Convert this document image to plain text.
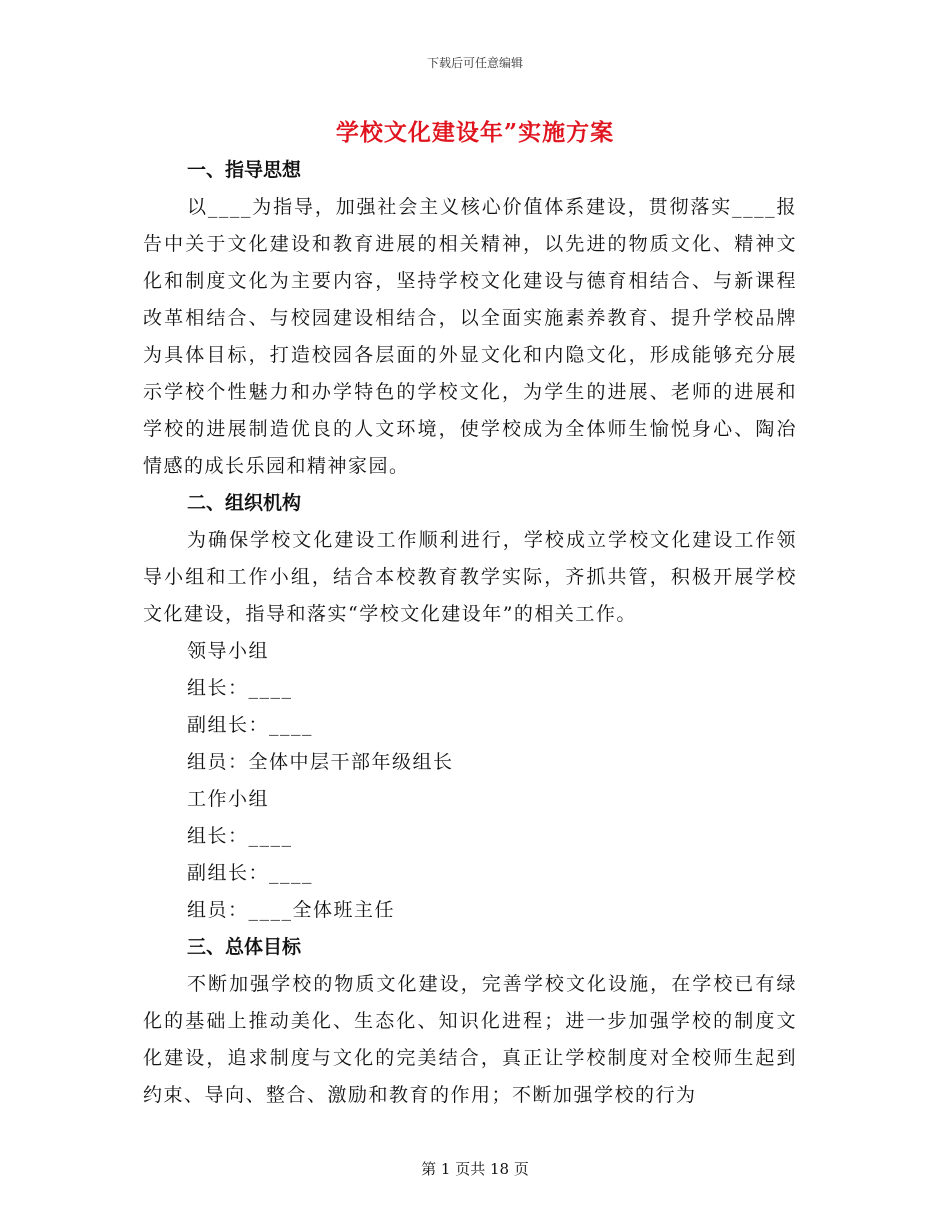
下载后可任意编辑
学校文化建设年”实施方案

一、指导思想

以____为指导，加强社会主义核心价值体系建设，贯彻落实____报告中关于文化建设和教育进展的相关精神，以先进的物质文化、精神文化和制度文化为主要内容，坚持学校文化建设与德育相结合、与新课程改革相结合、与校园建设相结合，以全面实施素养教育、提升学校品牌为具体目标，打造校园各层面的外显文化和内隐文化，形成能够充分展示学校个性魅力和办学特色的学校文化，为学生的进展、老师的进展和学校的进展制造优良的人文环境，使学校成为全体师生愉悦身心、陶冶情感的成长乐园和精神家园。

二、组织机构

为确保学校文化建设工作顺利进行，学校成立学校文化建设工作领导小组和工作小组，结合本校教育教学实际，齐抓共管，积极开展学校文化建设，指导和落实“学校文化建设年”的相关工作。

领导小组

组长：____

副组长：____

组员：全体中层干部年级组长

工作小组

组长：____

副组长：____

组员：____全体班主任

三、总体目标

不断加强学校的物质文化建设，完善学校文化设施，在学校已有绿化的基础上推动美化、生态化、知识化进程；进一步加强学校的制度文化建设，追求制度与文化的完美结合，真正让学校制度对全校师生起到约束、导向、整合、激励和教育的作用；不断加强学校的行为

第 1 页共 18 页
